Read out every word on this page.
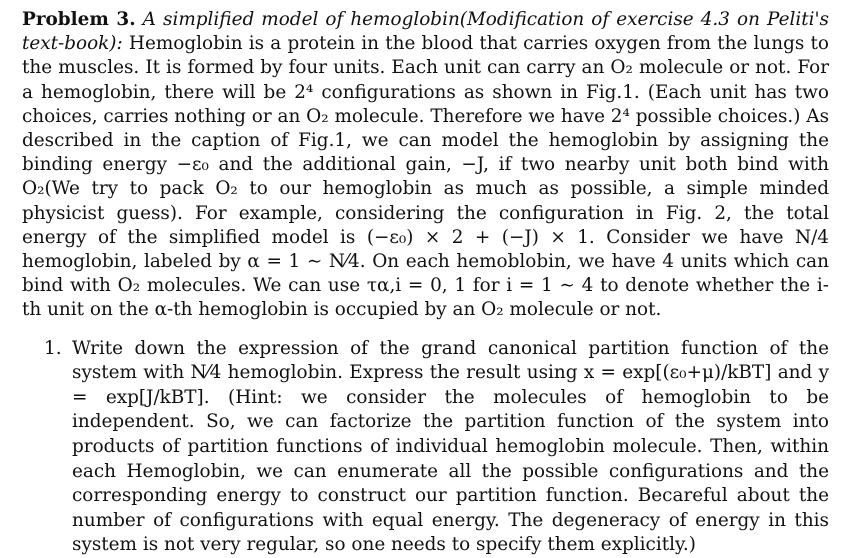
Problem 3. A simplified model of hemoglobin(Modification of exercise 4.3 on Peliti's text-book): Hemoglobin is a protein in the blood that carries oxygen from the lungs to the muscles. It is formed by four units. Each unit can carry an O₂ molecule or not. For a hemoglobin, there will be 2⁴ configurations as shown in Fig.1. (Each unit has two choices, carries nothing or an O₂ molecule. Therefore we have 2⁴ possible choices.) As described in the caption of Fig.1, we can model the hemoglobin by assigning the binding energy −ε₀ and the additional gain, −J, if two nearby unit both bind with O₂(We try to pack O₂ to our hemoglobin as much as possible, a simple minded physicist guess). For example, considering the configuration in Fig. 2, the total energy of the simplified model is (−ε₀) × 2 + (−J) × 1. Consider we have N/4 hemoglobin, labeled by α = 1 ∼ N⁄4. On each hemoblobin, we have 4 units which can bind with O₂ molecules. We can use τα,i = 0, 1 for i = 1 ∼ 4 to denote whether the i-th unit on the α-th hemoglobin is occupied by an O₂ molecule or not.

1. Write down the expression of the grand canonical partition function of the system with N⁄4 hemoglobin. Express the result using x = exp[(ε₀+μ)/kBT] and y = exp[J/kBT]. (Hint: we consider the molecules of hemoglobin to be independent. So, we can factorize the partition function of the system into products of partition functions of individual hemoglobin molecule. Then, within each Hemoglobin, we can enumerate all the possible configurations and the corresponding energy to construct our partition function. Becareful about the number of configurations with equal energy. The degeneracy of energy in this system is not very regular, so one needs to specify them explicitly.)
